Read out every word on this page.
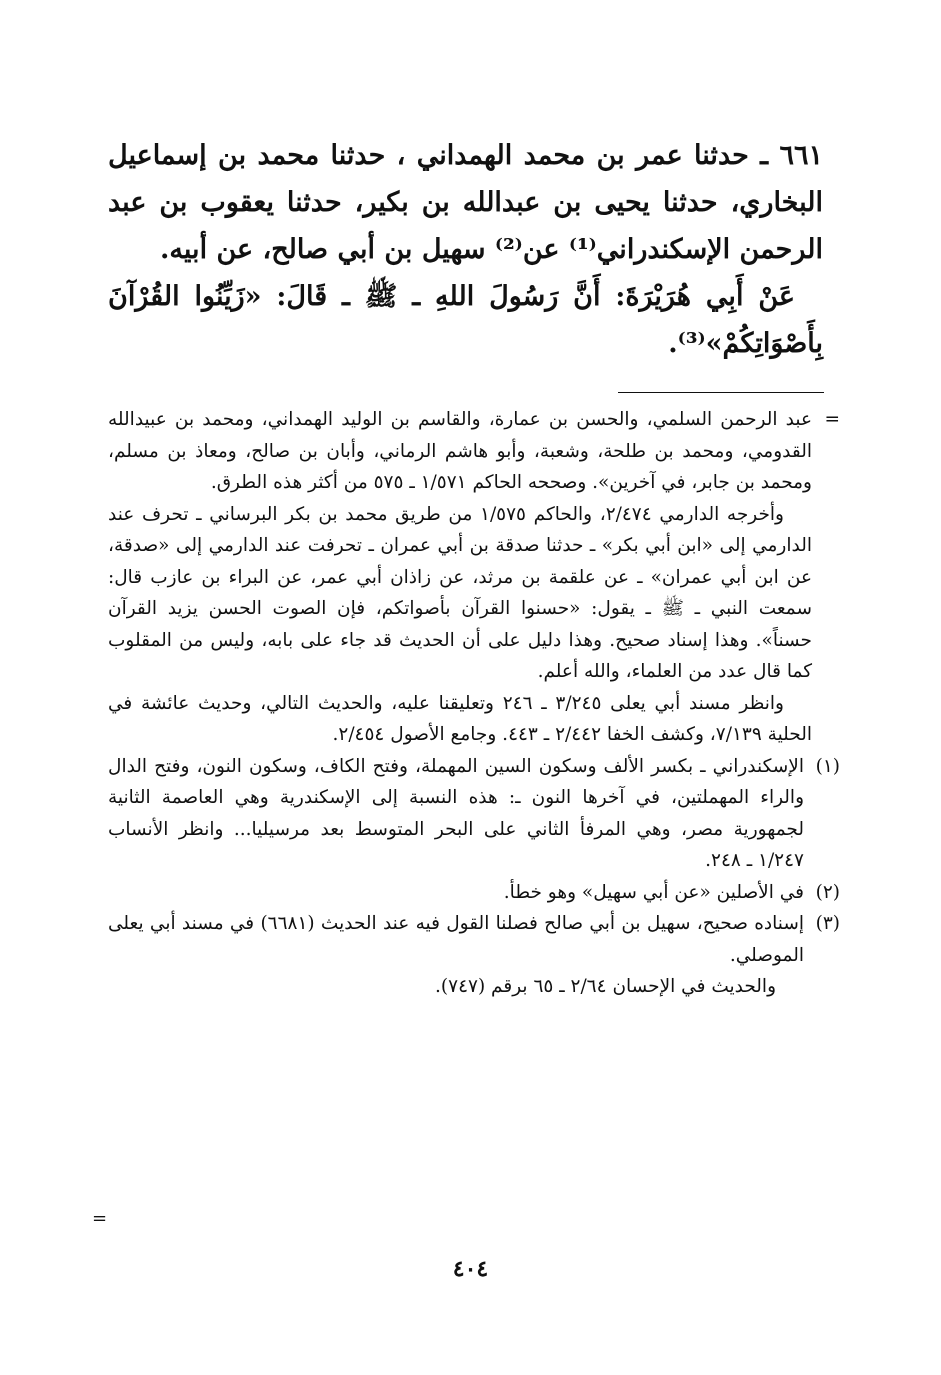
٦٦١ ـ حدثنا عمر بن محمد الهمداني ، حدثنا محمد بن إسماعيل البخاري، حدثنا يحيى بن عبدالله بن بكير، حدثنا يعقوب بن عبد الرحمن الإسكندراني⁽¹⁾ عن⁽²⁾ سهيل بن أبي صالح، عن أبيه.

عَنْ أَبِي هُرَيْرَةَ: أَنَّ رَسُولَ اللهِ ـ ﷺ ـ قَالَ: «زَيِّنُوا القُرْآنَ بِأَصْوَاتِكُمْ»⁽³⁾.

=
عبد الرحمن السلمي، والحسن بن عمارة، والقاسم بن الوليد الهمداني، ومحمد بن عبيدالله القدومي، ومحمد بن طلحة، وشعبة، وأبو هاشم الرماني، وأبان بن صالح، ومعاذ بن مسلم، ومحمد بن جابر، في آخرين». وصححه الحاكم ١/٥٧١ ـ ٥٧٥ من أكثر هذه الطرق.

وأخرجه الدارمي ٢/٤٧٤، والحاكم ١/٥٧٥ من طريق محمد بن بكر البرساني ـ تحرف عند الدارمي إلى «ابن أبي بكر» ـ حدثنا صدقة بن أبي عمران ـ تحرفت عند الدارمي إلى «صدقة، عن ابن أبي عمران» ـ عن علقمة بن مرثد، عن زاذان أبي عمر، عن البراء بن عازب قال: سمعت النبي ـ ﷺ ـ يقول: «حسنوا القرآن بأصواتكم، فإن الصوت الحسن يزيد القرآن حسناً». وهذا إسناد صحيح. وهذا دليل على أن الحديث قد جاء على بابه، وليس من المقلوب كما قال عدد من العلماء، والله أعلم.

وانظر مسند أبي يعلى ٣/٢٤٥ ـ ٢٤٦ وتعليقنا عليه، والحديث التالي، وحديث عائشة في الحلية ٧/١٣٩، وكشف الخفا ٢/٤٤٢ ـ ٤٤٣. وجامع الأصول ٢/٤٥٤.

(١)
الإسكندراني ـ بكسر الألف وسكون السين المهملة، وفتح الكاف، وسكون النون، وفتح الدال والراء المهملتين، في آخرها النون ـ: هذه النسبة إلى الإسكندرية وهي العاصمة الثانية لجمهورية مصر، وهي المرفأ الثاني على البحر المتوسط بعد مرسيليا... وانظر الأنساب ١/٢٤٧ ـ ٢٤٨.

(٢)
في الأصلين «عن أبي سهيل» وهو خطأ.

(٣)
إسناده صحيح، سهيل بن أبي صالح فصلنا القول فيه عند الحديث (٦٦٨١) في مسند أبي يعلى الموصلي.

والحديث في الإحسان ٢/٦٤ ـ ٦٥ برقم (٧٤٧).

=
٤٠٤
